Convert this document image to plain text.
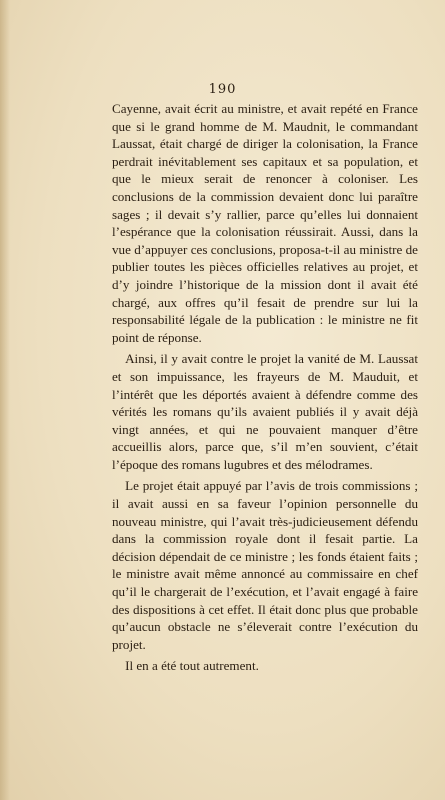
190

Cayenne, avait écrit au ministre, et avait repété en France que si le grand homme de M. Maudnit, le commandant Laussat, était chargé de diriger la colonisation, la France perdrait inévitablement ses capitaux et sa population, et que le mieux serait de renoncer à coloniser. Les conclusions de la commission devaient donc lui paraître sages ; il devait s’y rallier, parce qu’elles lui donnaient l’espérance que la colonisation réussirait. Aussi, dans la vue d’appuyer ces conclusions, proposa-t-il au ministre de publier toutes les pièces officielles relatives au projet, et d’y joindre l’historique de la mission dont il avait été chargé, aux offres qu’il fesait de prendre sur lui la responsabilité légale de la publication : le ministre ne fit point de réponse.

Ainsi, il y avait contre le projet la vanité de M. Laussat et son impuissance, les frayeurs de M. Mauduit, et l’intérêt que les déportés avaient à défendre comme des vérités les romans qu’ils avaient publiés il y avait déjà vingt années, et qui ne pouvaient manquer d’être accueillis alors, parce que, s’il m’en souvient, c’était l’époque des romans lugubres et des mélodrames.

Le projet était appuyé par l’avis de trois commissions ; il avait aussi en sa faveur l’opinion personnelle du nouveau ministre, qui l’avait très-judicieusement défendu dans la commission royale dont il fesait partie. La décision dépendait de ce ministre ; les fonds étaient faits ; le ministre avait même annoncé au commissaire en chef qu’il le chargerait de l’exécution, et l’avait engagé à faire des dispositions à cet effet. Il était donc plus que probable qu’aucun obstacle ne s’éleverait contre l’exécution du projet.

Il en a été tout autrement.
